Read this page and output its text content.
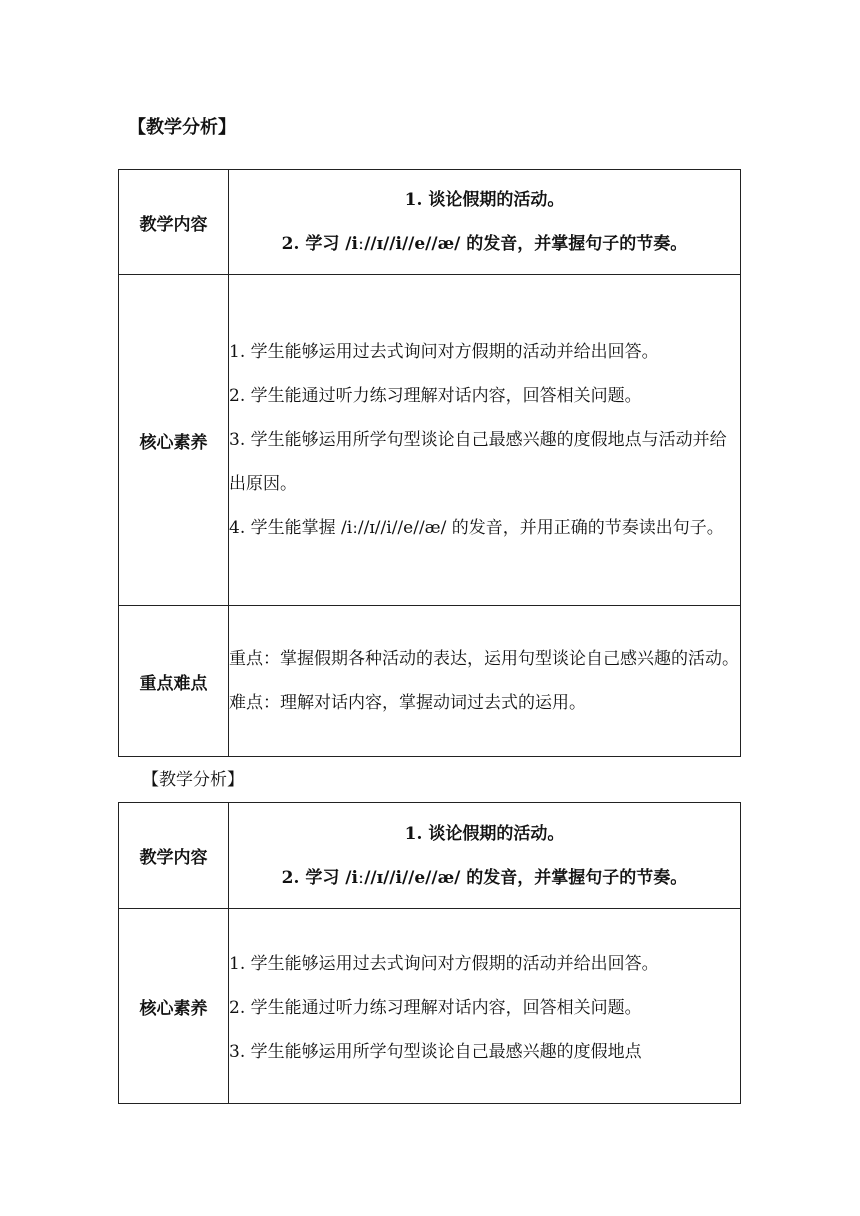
【教学分析】
教学内容	1. 谈论假期的活动。
2. 学习 /iː//ɪ//i//e//æ/ 的发音，并掌握句子的节奏。

核心素养	1. 学生能够运用过去式询问对方假期的活动并给出回答。

2. 学生能通过听力练习理解对话内容，回答相关问题。

3. 学生能够运用所学句型谈论自己最感兴趣的度假地点与活动并给出原因。

4. 学生能掌握 /iː//ɪ//i//e//æ/ 的发音，并用正确的节奏读出句子。

重点难点	重点：掌握假期各种活动的表达，运用句型谈论自己感兴趣的活动。

难点：理解对话内容，掌握动词过去式的运用。

【教学分析】
教学内容	1. 谈论假期的活动。
2. 学习 /iː//ɪ//i//e//æ/ 的发音，并掌握句子的节奏。

核心素养	1. 学生能够运用过去式询问对方假期的活动并给出回答。

2. 学生能通过听力练习理解对话内容，回答相关问题。

3. 学生能够运用所学句型谈论自己最感兴趣的度假地点
